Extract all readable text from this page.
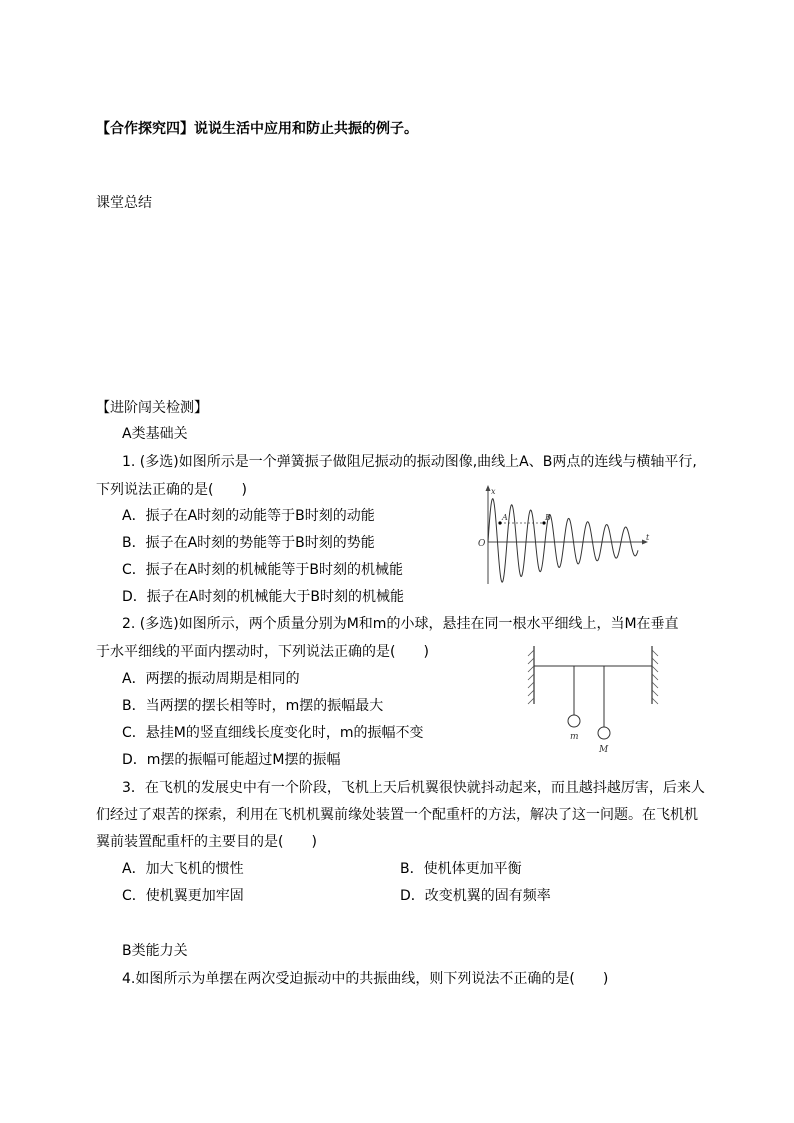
【合作探究四】说说生活中应用和防止共振的例子。
课堂总结
【进阶闯关检测】
A类基础关
1. (多选)如图所示是一个弹簧振子做阻尼振动的振动图像,曲线上A、B两点的连线与横轴平行,
下列说法正确的是(　　)
A．振子在A时刻的动能等于B时刻的动能
B．振子在A时刻的势能等于B时刻的势能
C．振子在A时刻的机械能等于B时刻的机械能
D．振子在A时刻的机械能大于B时刻的机械能
x
t
O
A	B
2. (多选)如图所示，两个质量分别为M和m的小球，悬挂在同一根水平细线上，当M在垂直
于水平细线的平面内摆动时，下列说法正确的是(　　)
A．两摆的振动周期是相同的
B．当两摆的摆长相等时，m摆的振幅最大
C．悬挂M的竖直细线长度变化时，m的振幅不变
D．m摆的振幅可能超过M摆的振幅
m
M
3．在飞机的发展史中有一个阶段，飞机上天后机翼很快就抖动起来，而且越抖越厉害，后来人
们经过了艰苦的探索，利用在飞机机翼前缘处装置一个配重杆的方法，解决了这一问题。在飞机机
翼前装置配重杆的主要目的是(　　)
A．加大飞机的惯性	B．使机体更加平衡
C．使机翼更加牢固	D．改变机翼的固有频率
B类能力关
4.如图所示为单摆在两次受迫振动中的共振曲线，则下列说法不正确的是(　　)
